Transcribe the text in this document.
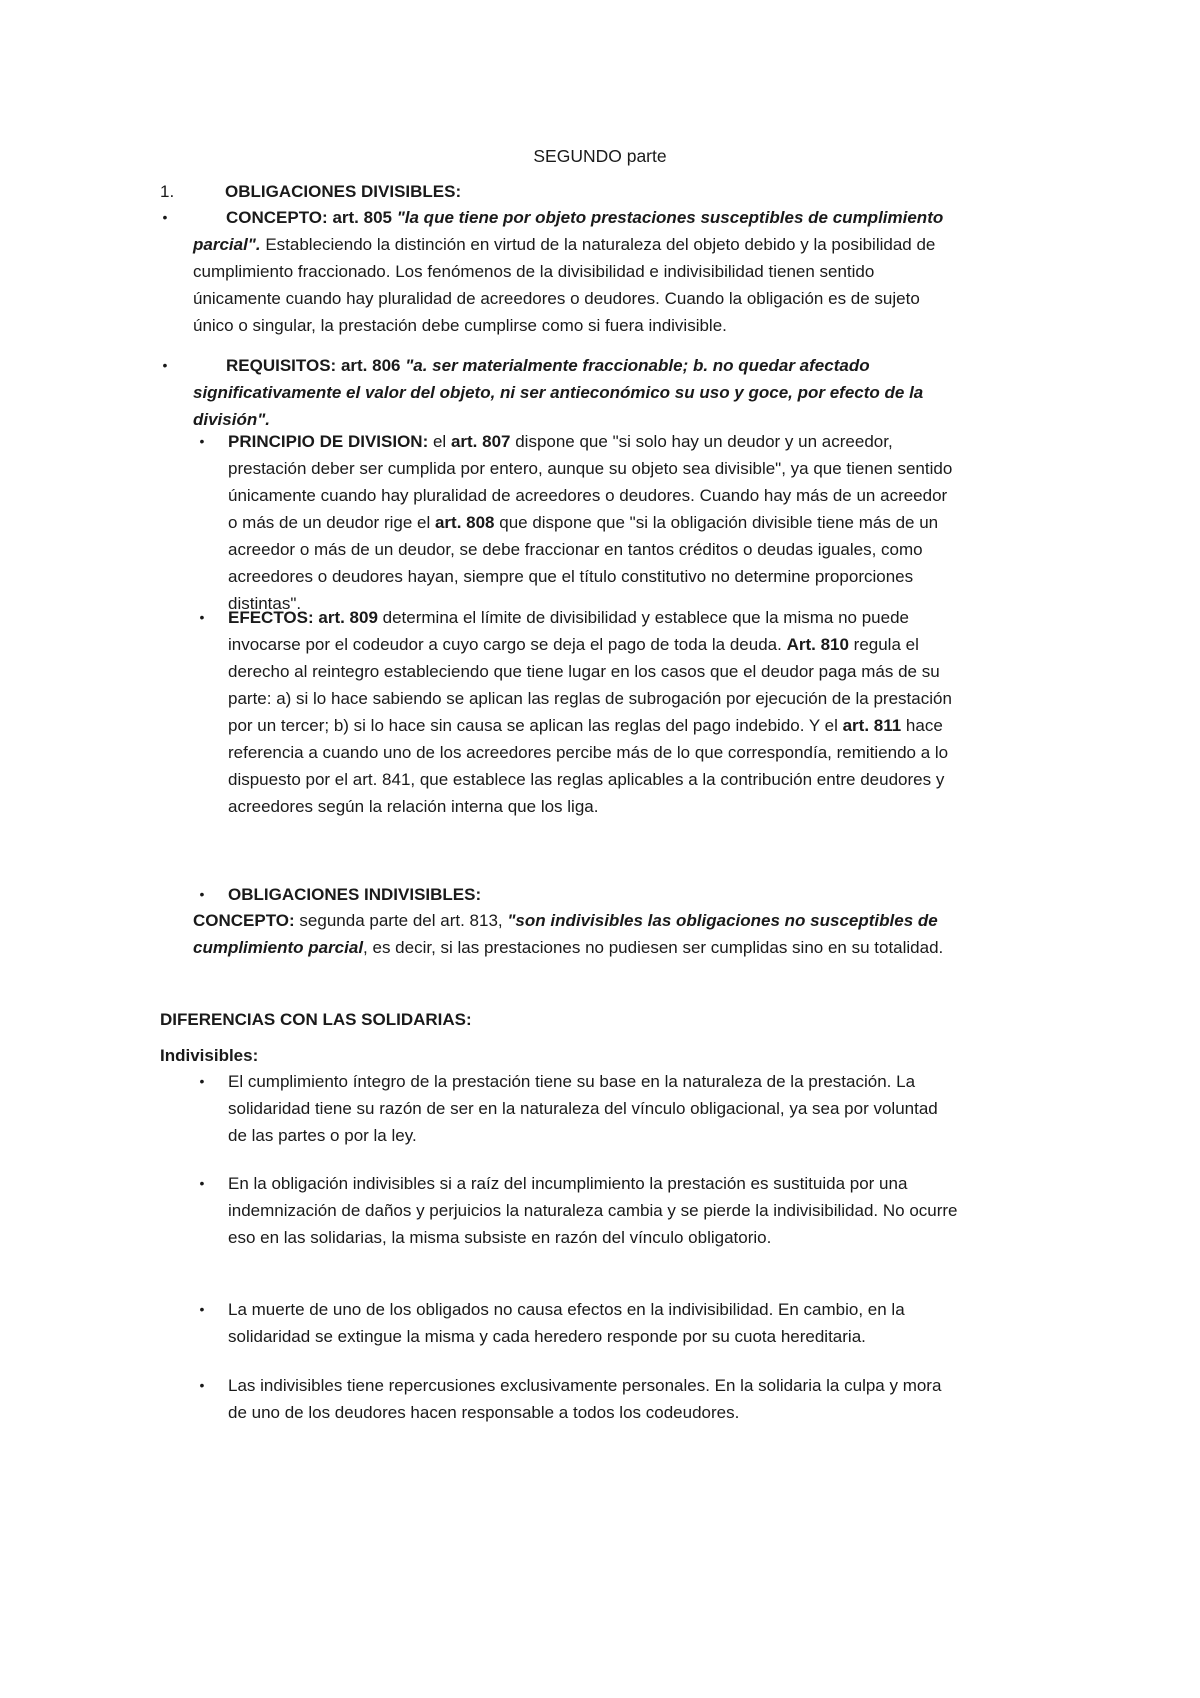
SEGUNDO parte
1.	OBLIGACIONES DIVISIBLES:
•	CONCEPTO: art. 805 "la que tiene por objeto prestaciones susceptibles de cumplimiento parcial". Estableciendo la distinción en virtud de la naturaleza del objeto debido y la posibilidad de cumplimiento fraccionado. Los fenómenos de la divisibilidad e indivisibilidad tienen sentido únicamente cuando hay pluralidad de acreedores o deudores. Cuando la obligación es de sujeto único o singular, la prestación debe cumplirse como si fuera indivisible.
•	REQUISITOS: art. 806 "a. ser materialmente fraccionable; b. no quedar afectado significativamente el valor del objeto, ni ser antieconómico su uso y goce, por efecto de la división".
• PRINCIPIO DE DIVISION: el art. 807 dispone que "si solo hay un deudor y un acreedor, prestación deber ser cumplida por entero, aunque su objeto sea divisible", ya que tienen sentido únicamente cuando hay pluralidad de acreedores o deudores. Cuando hay más de un acreedor o más de un deudor rige el art. 808 que dispone que "si la obligación divisible tiene más de un acreedor o más de un deudor, se debe fraccionar en tantos créditos o deudas iguales, como acreedores o deudores hayan, siempre que el título constitutivo no determine proporciones distintas".
• EFECTOS: art. 809 determina el límite de divisibilidad y establece que la misma no puede invocarse por el codeudor a cuyo cargo se deja el pago de toda la deuda. Art. 810 regula el derecho al reintegro estableciendo que tiene lugar en los casos que el deudor paga más de su parte: a) si lo hace sabiendo se aplican las reglas de subrogación por ejecución de la prestación por un tercer; b) si lo hace sin causa se aplican las reglas del pago indebido. Y el art. 811 hace referencia a cuando uno de los acreedores percibe más de lo que correspondía, remitiendo a lo dispuesto por el art. 841, que establece las reglas aplicables a la contribución entre deudores y acreedores según la relación interna que los liga.
• OBLIGACIONES INDIVISIBLES:
CONCEPTO: segunda parte del art. 813, "son indivisibles las obligaciones no susceptibles de cumplimiento parcial, es decir, si las prestaciones no pudiesen ser cumplidas sino en su totalidad.
DIFERENCIAS CON LAS SOLIDARIAS:
Indivisibles:
• El cumplimiento íntegro de la prestación tiene su base en la naturaleza de la prestación. La solidaridad tiene su razón de ser en la naturaleza del vínculo obligacional, ya sea por voluntad de las partes o por la ley.
• En la obligación indivisibles si a raíz del incumplimiento la prestación es sustituida por una indemnización de daños y perjuicios la naturaleza cambia y se pierde la indivisibilidad. No ocurre eso en las solidarias, la misma subsiste en razón del vínculo obligatorio.
• La muerte de uno de los obligados no causa efectos en la indivisibilidad. En cambio, en la solidaridad se extingue la misma y cada heredero responde por su cuota hereditaria.
• Las indivisibles tiene repercusiones exclusivamente personales. En la solidaria la culpa y mora de uno de los deudores hacen responsable a todos los codeudores.
